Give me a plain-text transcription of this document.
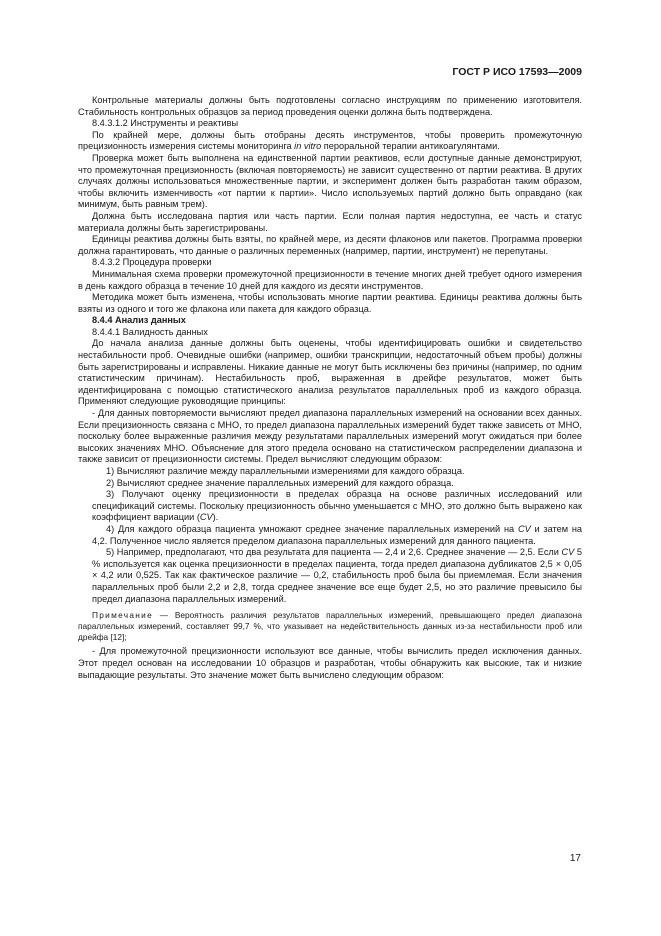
ГОСТ Р ИСО 17593—2009

Контрольные материалы должны быть подготовлены согласно инструкциям по применению изготовителя. Стабильность контрольных образцов за период проведения оценки должна быть подтверждена.

8.4.3.1.2 Инструменты и реактивы

По крайней мере, должны быть отобраны десять инструментов, чтобы проверить промежуточную прецизионность измерения системы мониторинга in vitro пероральной терапии антикоагулянтами.

Проверка может быть выполнена на единственной партии реактивов, если доступные данные демонстрируют, что промежуточная прецизионность (включая повторяемость) не зависит существенно от партии реактива. В других случаях должны использоваться множественные партии, и эксперимент должен быть разработан таким образом, чтобы включить изменчивость «от партии к партии». Число используемых партий должно быть оправдано (как минимум, быть равным трем).

Должна быть исследована партия или часть партии. Если полная партия недоступна, ее часть и статус материала должны быть зарегистрированы.

Единицы реактива должны быть взяты, по крайней мере, из десяти флаконов или пакетов. Программа проверки должна гарантировать, что данные о различных переменных (например, партии, инструмент) не перепутаны.

8.4.3.2 Процедура проверки

Минимальная схема проверки промежуточной прецизионности в течение многих дней требует одного измерения в день каждого образца в течение 10 дней для каждого из десяти инструментов.

Методика может быть изменена, чтобы использовать многие партии реактива. Единицы реактива должны быть взяты из одного и того же флакона или пакета для каждого образца.

8.4.4 Анализ данных

8.4.4.1 Валидность данных

До начала анализа данные должны быть оценены, чтобы идентифицировать ошибки и свидетельство нестабильности проб. Очевидные ошибки (например, ошибки транскрипции, недостаточный объем пробы) должны быть зарегистрированы и исправлены. Никакие данные не могут быть исключены без причины (например, по одним статистическим причинам). Нестабильность проб, выраженная в дрейфе результатов, может быть идентифицирована с помощью статистического анализа результатов параллельных проб из каждого образца. Применяют следующие руководящие принципы:

- Для данных повторяемости вычисляют предел диапазона параллельных измерений на основании всех данных. Если прецизионность связана с МНО, то предел диапазона параллельных измерений будет также зависеть от МНО, поскольку более выраженные различия между результатами параллельных измерений могут ожидаться при более высоких значениях МНО. Объяснение для этого предела основано на статистическом распределении диапазона и также зависит от прецизионности системы. Предел вычисляют следующим образом:

1) Вычисляют различие между параллельными измерениями для каждого образца.

2) Вычисляют среднее значение параллельных измерений для каждого образца.

3) Получают оценку прецизионности в пределах образца на основе различных исследований или спецификаций системы. Поскольку прецизионность обычно уменьшается с МНО, это должно быть выражено как коэффициент вариации (CV).

4) Для каждого образца пациента умножают среднее значение параллельных измерений на CV и затем на 4,2. Полученное число является пределом диапазона параллельных измерений для данного пациента.

5) Например, предполагают, что два результата для пациента — 2,4 и 2,6. Среднее значение — 2,5. Если CV 5 % используется как оценка прецизионности в пределах пациента, тогда предел диапазона дубликатов 2,5 × 0,05 × 4,2 или 0,525. Так как фактическое различие — 0,2, стабильность проб была бы приемлемая. Если значения параллельных проб были 2,2 и 2,8, тогда среднее значение все еще будет 2,5, но это различие превысило бы предел диапазона параллельных измерений.

Примечание — Вероятность различия результатов параллельных измерений, превышающего предел диапазона параллельных измерений, составляет 99,7 %, что указывает на недействительность данных из-за нестабильности проб или дрейфа [12];

- Для промежуточной прецизионности используют все данные, чтобы вычислить предел исключения данных. Этот предел основан на исследовании 10 образцов и разработан, чтобы обнаружить как высокие, так и низкие выпадающие результаты. Это значение может быть вычислено следующим образом:

17
